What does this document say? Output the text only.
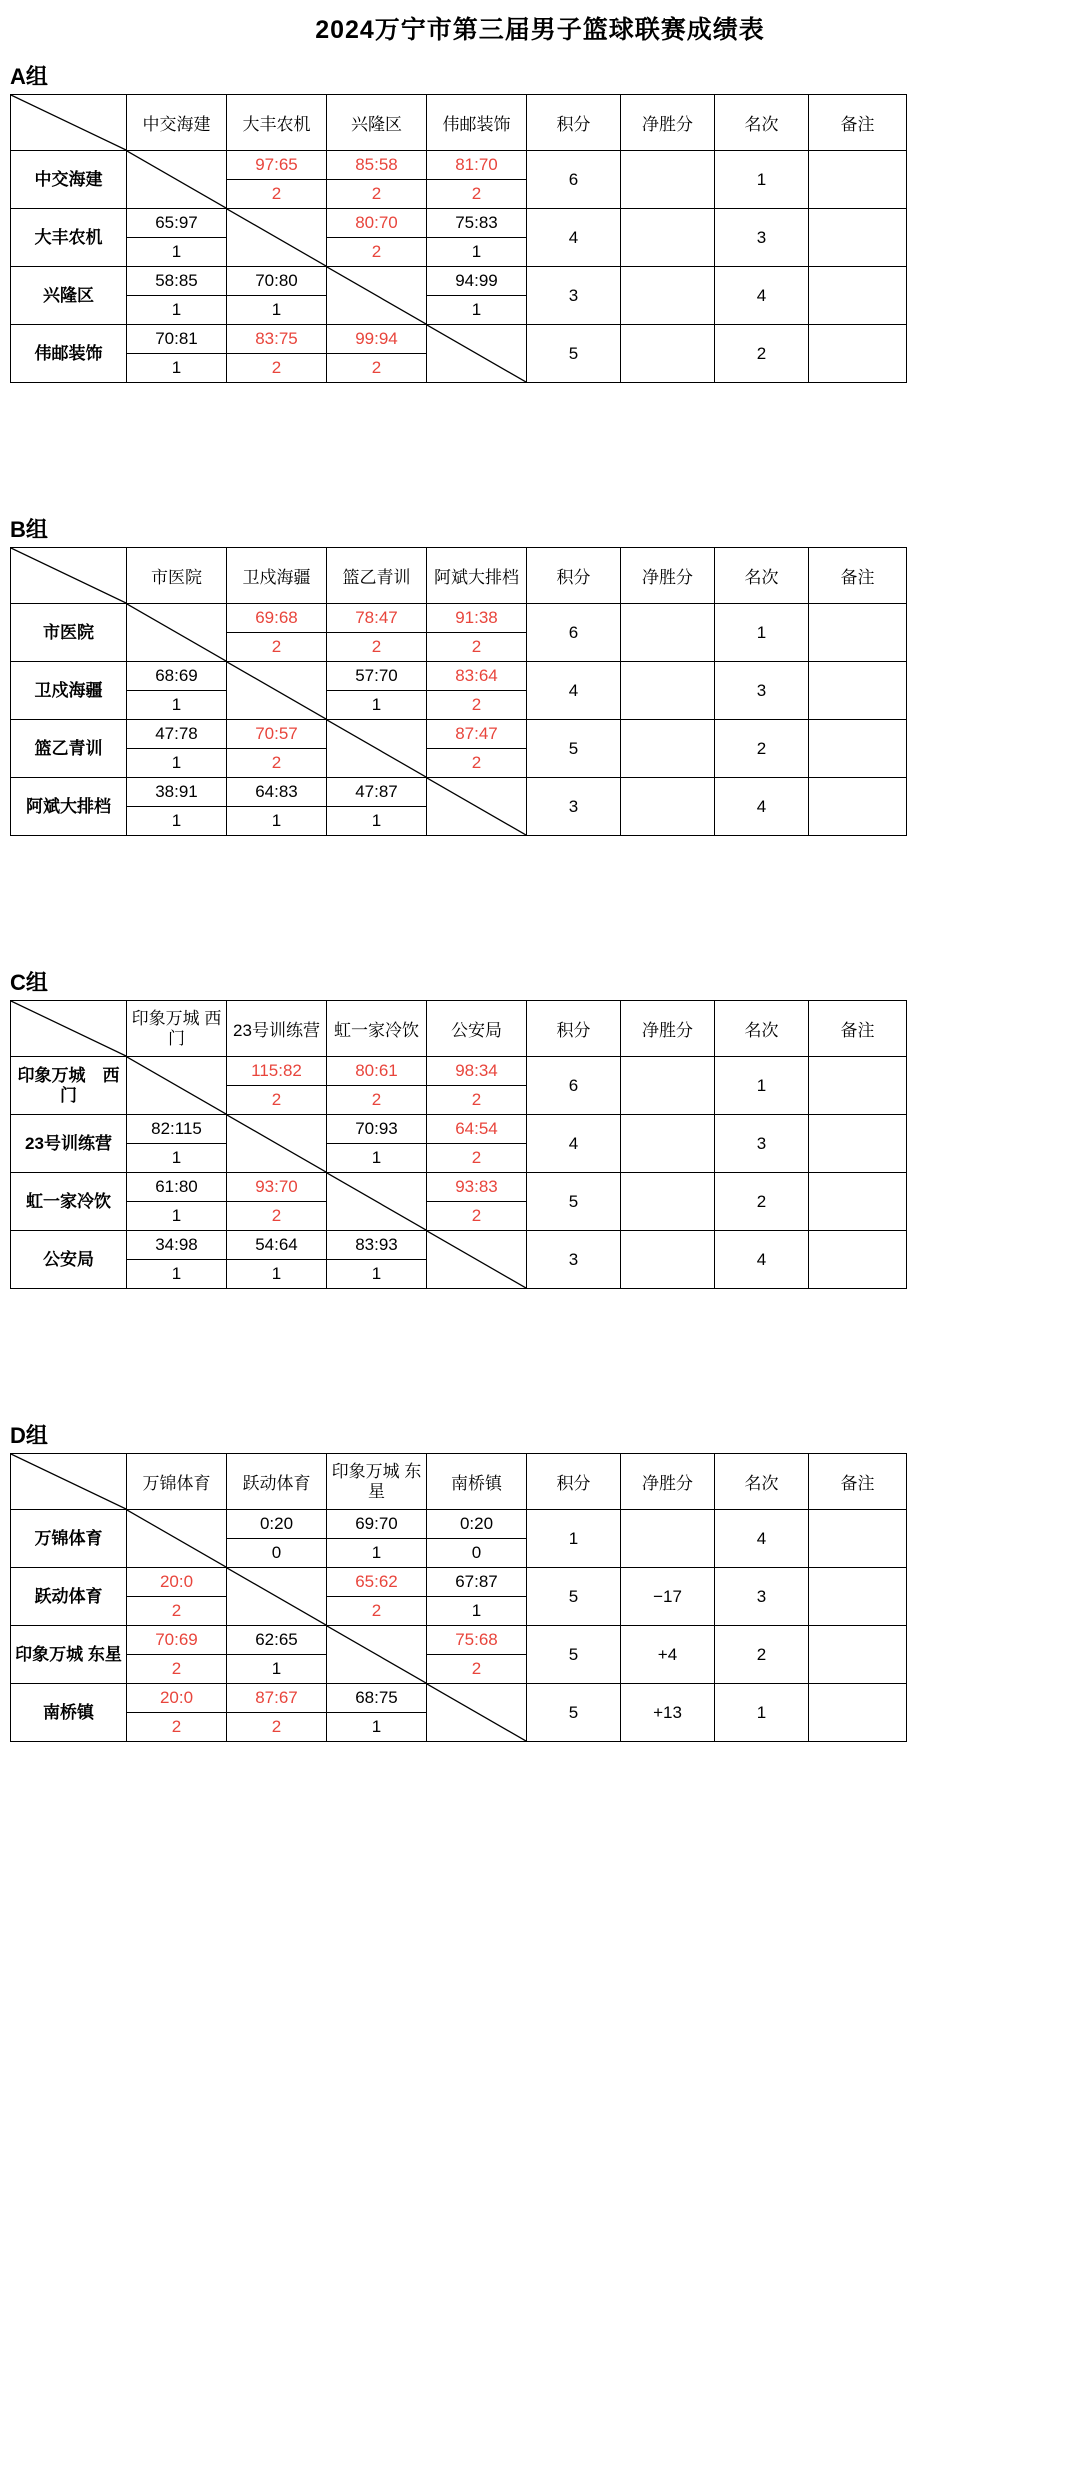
2024万宁市第三届男子篮球联赛成绩表
A组
	中交海建	大丰农机	兴隆区	伟邮装饰	积分	净胜分	名次	备注
中交海建		97:65	85:58	81:70	6		1	
		2	2	2				
大丰农机	65:97		80:70	75:83	4		3	
	1		2	1				
兴隆区	58:85	70:80		94:99	3		4	
	1	1		1				
伟邮装饰	70:81	83:75	99:94		5		2	
	1	2	2					
B组
	市医院	卫戍海疆	篮乙青训	阿斌大排档	积分	净胜分	名次	备注
市医院		69:68	78:47	91:38	6		1	
		2	2	2				
卫戍海疆	68:69		57:70	83:64	4		3	
	1		1	2				
篮乙青训	47:78	70:57		87:47	5		2	
	1	2		2				
阿斌大排档	38:91	64:83	47:87		3		4	
	1	1	1					
C组
	印象万城 西门	23号训练营	虹一家冷饮	公安局	积分	净胜分	名次	备注
印象万城　西门		115:82	80:61	98:34	6		1	
		2	2	2				
23号训练营	82:115		70:93	64:54	4		3	
	1		1	2				
虹一家冷饮	61:80	93:70		93:83	5		2	
	1	2		2				
公安局	34:98	54:64	83:93		3		4	
	1	1	1					
D组
	万锦体育	跃动体育	印象万城 东星	南桥镇	积分	净胜分	名次	备注
万锦体育		0:20	69:70	0:20	1		4	
		0	1	0				
跃动体育	20:0		65:62	67:87	5	−17	3	
	2		2	1				
印象万城 东星	70:69	62:65		75:68	5	+4	2	
	2	1		2				
南桥镇	20:0	87:67	68:75		5	+13	1	
	2	2	1					
